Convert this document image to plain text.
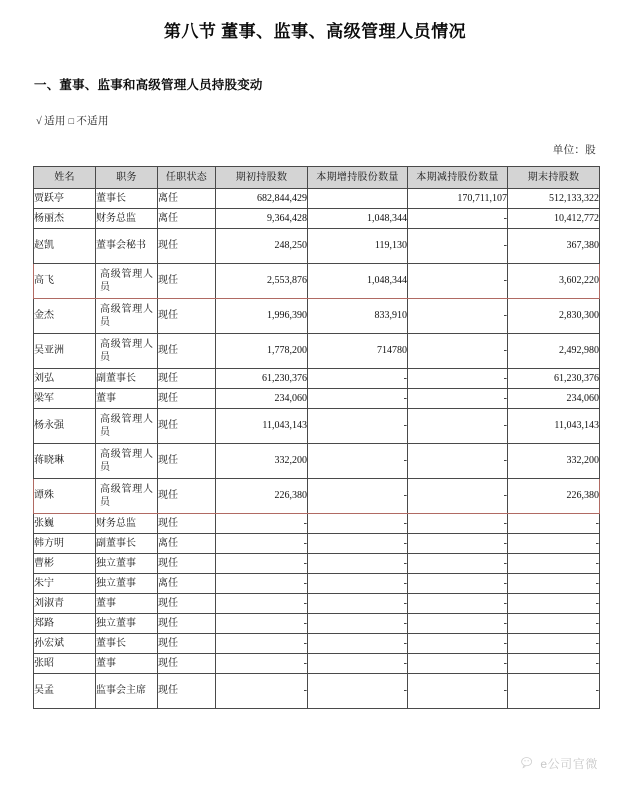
第八节 董事、监事、高级管理人员情况
一、董事、监事和高级管理人员持股变动
√ 适用 □ 不适用
单位：股
姓名	职务	任职状态	期初持股数	本期增持股份数量	本期减持股份数量	期末持股数
贾跃亭	董事长	离任	682,844,429		170,711,107	512,133,322
杨丽杰	财务总监	离任	9,364,428	1,048,344	-	10,412,772
赵凯	董事会秘书	现任	248,250	119,130	-	367,380
高飞	高级管理人员	现任	2,553,876	1,048,344	-	3,602,220
金杰	高级管理人员	现任	1,996,390	833,910	-	2,830,300
吴亚洲	高级管理人员	现任	1,778,200	714780	-	2,492,980
刘弘	副董事长	现任	61,230,376	-	-	61,230,376
梁军	董事	现任	234,060	-	-	234,060
杨永强	高级管理人员	现任	11,043,143	-	-	11,043,143
蒋晓琳	高级管理人员	现任	332,200	-	-	332,200
谭殊	高级管理人员	现任	226,380	-	-	226,380
张巍	财务总监	现任	-	-	-	-
韩方明	副董事长	离任	-	-	-	-
曹彬	独立董事	现任	-	-	-	-
朱宁	独立董事	离任	-	-	-	-
刘淑青	董事	现任	-	-	-	-
郑路	独立董事	现任	-	-	-	-
孙宏斌	董事长	现任	-	-	-	-
张昭	董事	现任	-	-	-	-
吴孟	监事会主席	现任	-	-	-	-
e公司官微
